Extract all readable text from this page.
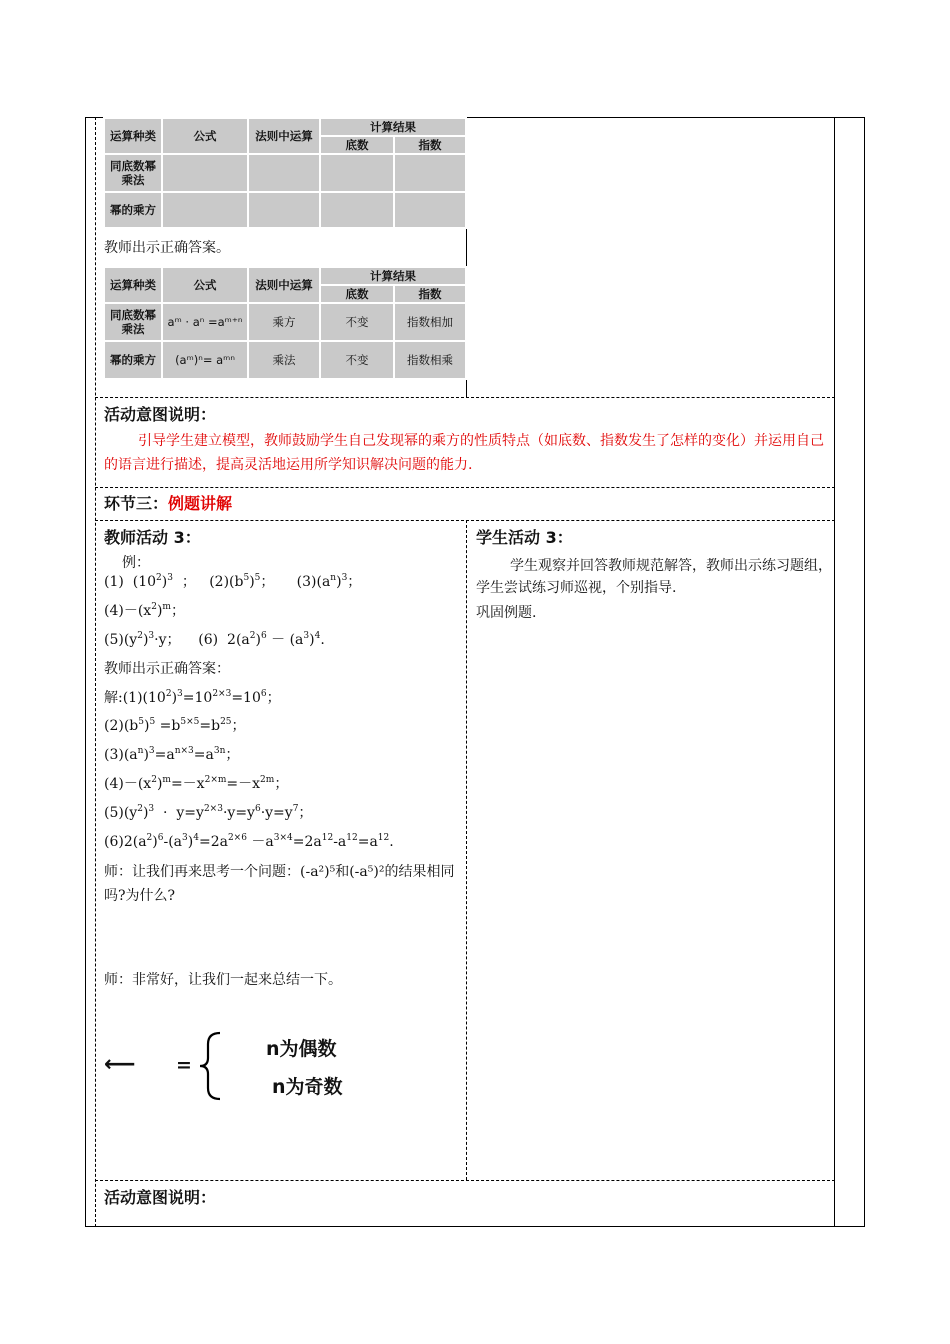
运算种类	公式	法则中运算	计算结果	
			底数	指数
同底数幂乘法				
幂的乘方				
教师出示正确答案。
运算种类	公式	法则中运算	计算结果	
			底数	指数
同底数幂乘法	aᵐ · aⁿ =aᵐ⁺ⁿ	乘方	不变	指数相加
幂的乘方	(aᵐ)ⁿ= aᵐⁿ	乘法	不变	指数相乘
活动意图说明：
引导学生建立模型，教师鼓励学生自己发现幂的乘方的性质特点（如底数、指数发生了怎样的变化）并运用自己的语言进行描述，提高灵活地运用所学知识解决问题的能力.
环节三：例题讲解
教师活动 3：
例：
(1)  $(10^2)^3$  ；   $(2)(b^5)^5$；     $(3)(a^n)^3$；
$(4)-(x^2)^m$；
$(5)(y^2)^3\cdot y$；    (6)  $2(a^2)^6 - (a^3)^4$.
教师出示正确答案：
解$:(1)(10^2)^3=10^{2\times 3}=10^6$；
$(2)(b^5)^5 =b^{5\times 5}=b^{25}$；
$(3)(a^n)^3=a^{n\times 3}=a^{3n}$；
$(4)-(x^2)^m=-x^{2\times m}=-x^{2m}$；
$(5)(y^2)^3 \cdot y=y^{2\times 3}\cdot y=y^6\cdot y=y^7$；
$(6)2(a^2)^6-(a^3)^4=2a^{2\times 6} -a^{3\times 4}=2a^{12}-a^{12}=a^{12}$.
师：让我们再来思考一个问题：(-a²)⁵和(-a⁵)²的结果相同吗?为什么?
师：非常好，让我们一起来总结一下。
⟵ =
n为偶数
n为奇数
学生活动 3：
学生观察并回答教师规范解答，教师出示练习题组，学生尝试练习师巡视，个别指导.
巩固例题.
活动意图说明：
